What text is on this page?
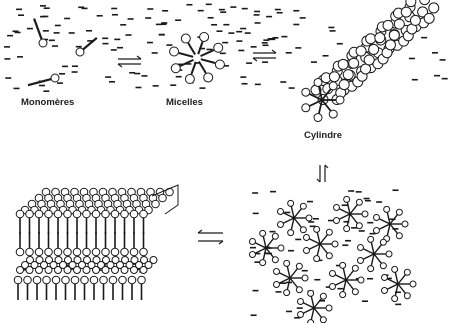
Monomères	Micelles
Cylindre
